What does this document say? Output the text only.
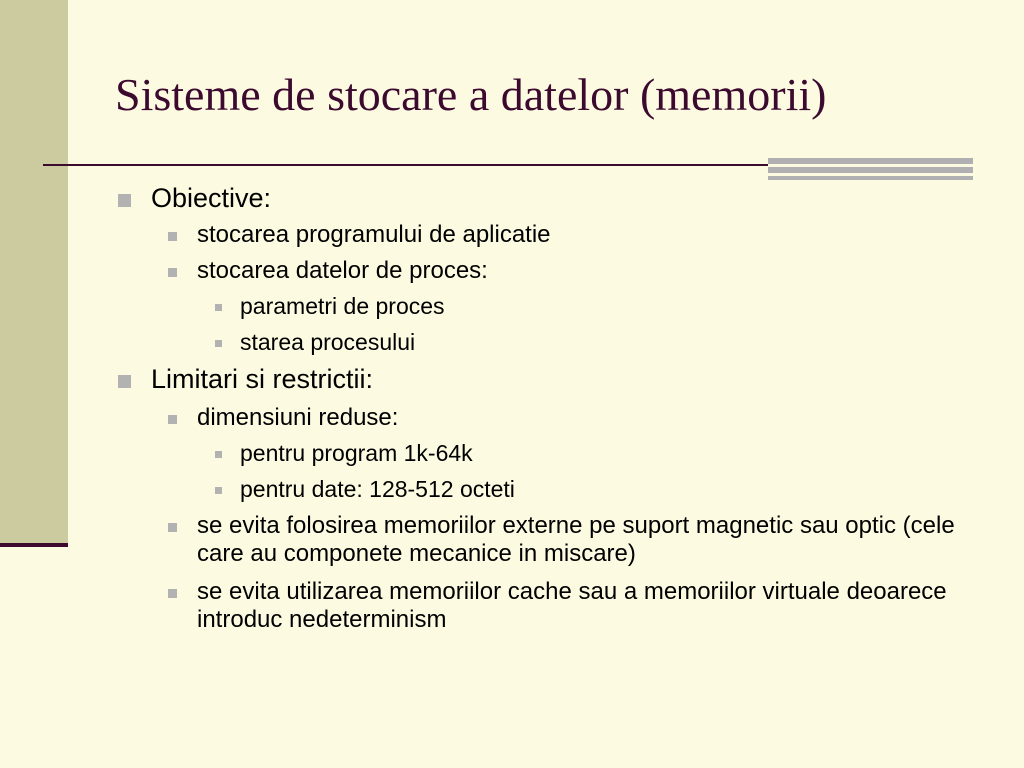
Sisteme de stocare a datelor (memorii)
Obiective:
stocarea programului de aplicatie
stocarea datelor de proces:
parametri de proces
starea procesului
Limitari si restrictii:
dimensiuni reduse:
pentru program 1k-64k
pentru date: 128-512 octeti
se evita folosirea memoriilor externe pe suport magnetic sau optic (cele care au componete mecanice in miscare)
se evita utilizarea memoriilor cache sau a memoriilor virtuale deoarece introduc nedeterminism
